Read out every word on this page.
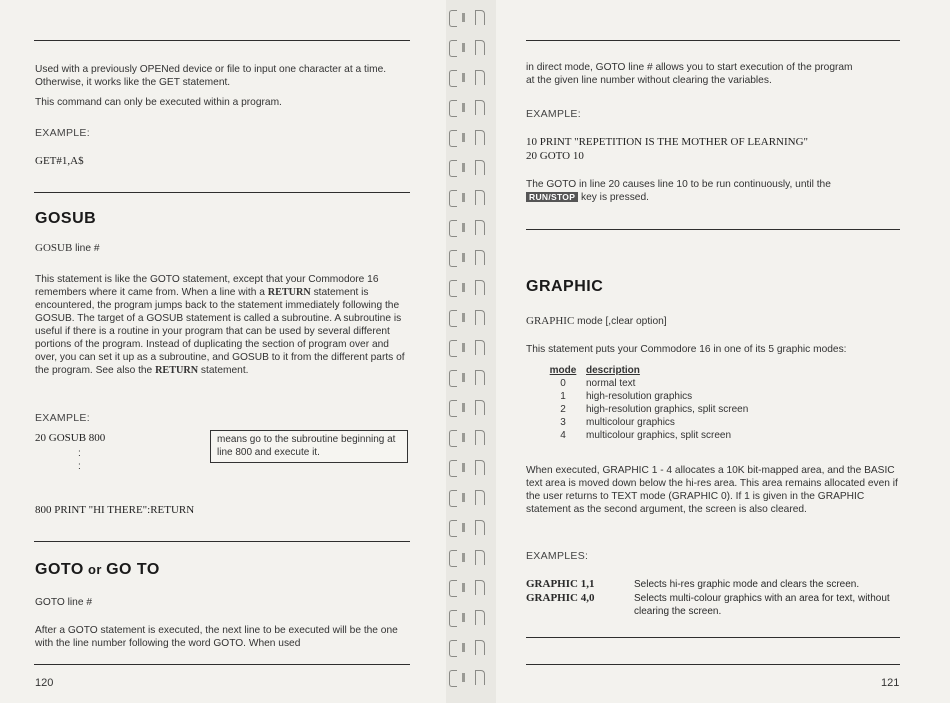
Used with a previously OPENed device or file to input one character at a time. Otherwise, it works like the GET statement.
This command can only be executed within a program.
EXAMPLE:
GET#1,A$
GOSUB
GOSUB line #
This statement is like the GOTO statement, except that your Commodore 16 remembers where it came from. When a line with a RETURN statement is encountered, the program jumps back to the statement immediately following the GOSUB. The target of a GOSUB statement is called a subroutine. A subroutine is useful if there is a routine in your program that can be used by several different portions of the program. Instead of duplicating the section of program over and over, you can set it up as a subroutine, and GOSUB to it from the different parts of the program. See also the RETURN statement.
EXAMPLE:
20 GOSUB 800
:
:
means go to the subroutine beginning at line 800 and execute it.
800 PRINT "HI THERE":RETURN
GOTO or GO TO
GOTO line #
After a GOTO statement is executed, the next line to be executed will be the one with the line number following the word GOTO. When used
120
in direct mode, GOTO line # allows you to start execution of the program at the given line number without clearing the variables.
EXAMPLE:
10 PRINT "REPETITION IS THE MOTHER OF LEARNING"
20 GOTO 10
The GOTO in line 20 causes line 10 to be run continuously, until the
RUN/STOP key is pressed.
GRAPHIC
GRAPHIC mode [,clear option]
This statement puts your Commodore 16 in one of its 5 graphic modes:
mode description
0	normal text
1	high-resolution graphics
2	high-resolution graphics, split screen
3	multicolour graphics
4	multicolour graphics, split screen
When executed, GRAPHIC 1 - 4 allocates a 10K bit-mapped area, and the BASIC text area is moved down below the hi-res area. This area remains allocated even if the user returns to TEXT mode (GRAPHIC 0). If 1 is given in the GRAPHIC statement as the second argument, the screen is also cleared.
EXAMPLES:
GRAPHIC 1,1	Selects hi-res graphic mode and clears the screen.
GRAPHIC 4,0	Selects multi-colour graphics with an area for text, without clearing the screen.
121
